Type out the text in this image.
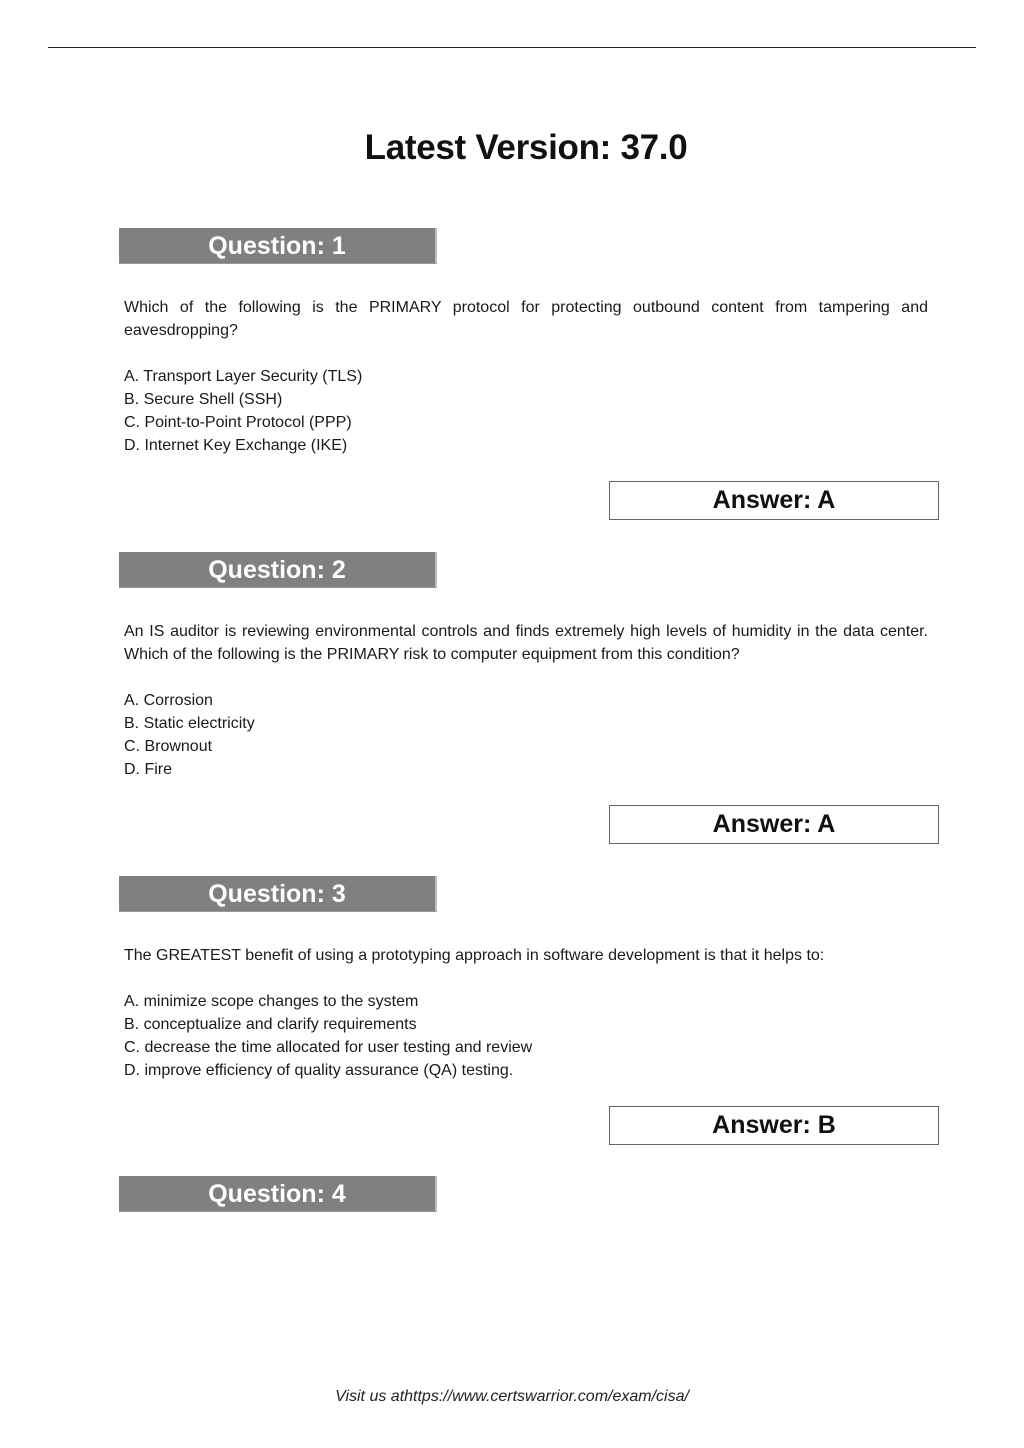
Latest Version: 37.0
Question: 1
Which of the following is the PRIMARY protocol for protecting outbound content from tampering and eavesdropping?
A. Transport Layer Security (TLS)
B. Secure Shell (SSH)
C. Point-to-Point Protocol (PPP)
D. Internet Key Exchange (IKE)
Answer: A
Question: 2
An IS auditor is reviewing environmental controls and finds extremely high levels of humidity in the data center. Which of the following is the PRIMARY risk to computer equipment from this condition?
A. Corrosion
B. Static electricity
C. Brownout
D. Fire
Answer: A
Question: 3
The GREATEST benefit of using a prototyping approach in software development is that it helps to:
A. minimize scope changes to the system
B. conceptualize and clarify requirements
C. decrease the time allocated for user testing and review
D. improve efficiency of quality assurance (QA) testing.
Answer: B
Question: 4
Visit us athttps://www.certswarrior.com/exam/cisa/
